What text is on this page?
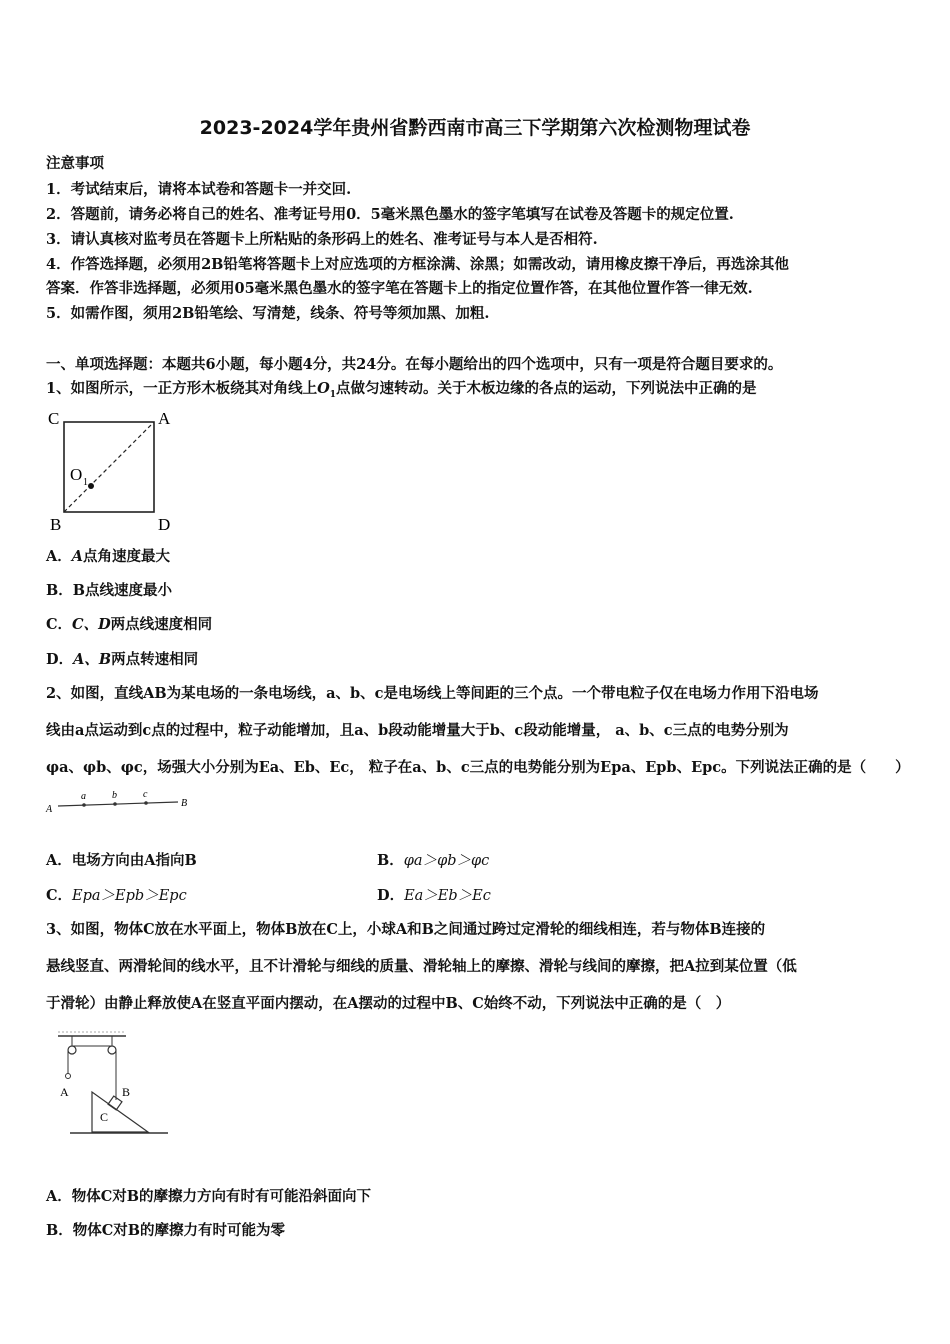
2023-2024学年贵州省黔西南市高三下学期第六次检测物理试卷
注意事项
1．考试结束后，请将本试卷和答题卡一并交回.
2．答题前，请务必将自己的姓名、准考证号用0．5毫米黑色墨水的签字笔填写在试卷及答题卡的规定位置.
3．请认真核对监考员在答题卡上所粘贴的条形码上的姓名、准考证号与本人是否相符.
4．作答选择题，必须用2B铅笔将答题卡上对应选项的方框涂满、涂黑；如需改动，请用橡皮擦干净后，再选涂其他
答案．作答非选择题，必须用05毫米黑色墨水的签字笔在答题卡上的指定位置作答，在其他位置作答一律无效.
5．如需作图，须用2B铅笔绘、写清楚，线条、符号等须加黑、加粗.
一、单项选择题：本题共6小题，每小题4分，共24分。在每小题给出的四个选项中，只有一项是符合题目要求的。
1、如图所示，一正方形木板绕其对角线上$O_1$点做匀速转动。关于木板边缘的各点的运动，下列说法中正确的是
C	A
B	D
O 1
A．A点角速度最大
B．B点线速度最小
C．C、D两点线速度相同
D．A、B两点转速相同
2、如图，直线AB为某电场的一条电场线，a、b、c是电场线上等间距的三个点。一个带电粒子仅在电场力作用下沿电场
线由a点运动到c点的过程中，粒子动能增加，且a、b段动能增量大于b、c段动能增量， a、b、c三点的电势分别为
φa、φb、φc，场强大小分别为Ea、Eb、Ec， 粒子在a、b、c三点的电势能分别为Epa、Epb、Epc。下列说法正确的是（　　）
A
a	b	c
B
A．电场方向由A指向B	B．φa＞φb＞φc
C．Epa＞Epb＞Epc	D．Ea＞Eb＞Ec
3、如图，物体C放在水平面上，物体B放在C上，小球A和B之间通过跨过定滑轮的细线相连，若与物体B连接的
悬线竖直、两滑轮间的线水平，且不计滑轮与细线的质量、滑轮轴上的摩擦、滑轮与线间的摩擦，把A拉到某位置（低
于滑轮）由静止释放使A在竖直平面内摆动，在A摆动的过程中B、C始终不动，下列说法中正确的是（　）
A	B
C
A．物体C对B的摩擦力方向有时有可能沿斜面向下
B．物体C对B的摩擦力有时可能为零
